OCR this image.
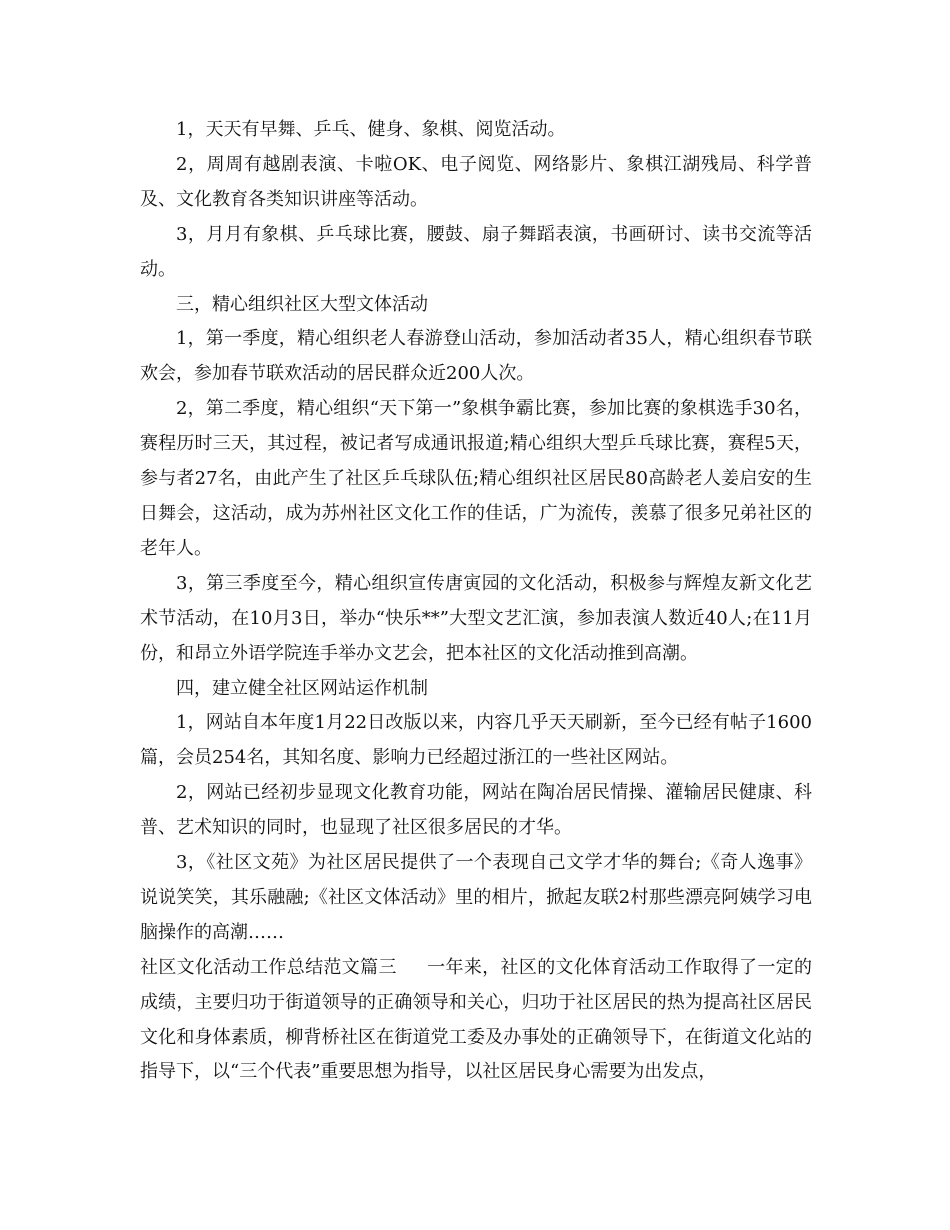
1，天天有早舞、乒乓、健身、象棋、阅览活动。

2，周周有越剧表演、卡啦OK、电子阅览、网络影片、象棋江湖残局、科学普及、文化教育各类知识讲座等活动。

3，月月有象棋、乒乓球比赛，腰鼓、扇子舞蹈表演，书画研讨、读书交流等活动。

三，精心组织社区大型文体活动

1，第一季度，精心组织老人春游登山活动，参加活动者35人，精心组织春节联欢会，参加春节联欢活动的居民群众近200人次。

2，第二季度，精心组织“天下第一”象棋争霸比赛，参加比赛的象棋选手30名，赛程历时三天，其过程，被记者写成通讯报道;精心组织大型乒乓球比赛，赛程5天，参与者27名，由此产生了社区乒乓球队伍;精心组织社区居民80高龄老人姜启安的生日舞会，这活动，成为苏州社区文化工作的佳话，广为流传，羡慕了很多兄弟社区的老年人。

3，第三季度至今，精心组织宣传唐寅园的文化活动，积极参与辉煌友新文化艺术节活动，在10月3日，举办“快乐**”大型文艺汇演，参加表演人数近40人;在11月份，和昂立外语学院连手举办文艺会，把本社区的文化活动推到高潮。

四，建立健全社区网站运作机制

1，网站自本年度1月22日改版以来，内容几乎天天刷新，至今已经有帖子1600篇，会员254名，其知名度、影响力已经超过浙江的一些社区网站。

2，网站已经初步显现文化教育功能，网站在陶冶居民情操、灌输居民健康、科普、艺术知识的同时，也显现了社区很多居民的才华。

3，《社区文苑》为社区居民提供了一个表现自己文学才华的舞台;《奇人逸事》说说笑笑，其乐融融;《社区文体活动》里的相片，掀起友联2村那些漂亮阿姨学习电脑操作的高潮……

社区文化活动工作总结范文篇三 一年来，社区的文化体育活动工作取得了一定的成绩，主要归功于街道领导的正确领导和关心，归功于社区居民的热为提高社区居民文化和身体素质，柳背桥社区在街道党工委及办事处的正确领导下，在街道文化站的指导下，以“三个代表”重要思想为指导，以社区居民身心需要为出发点，
